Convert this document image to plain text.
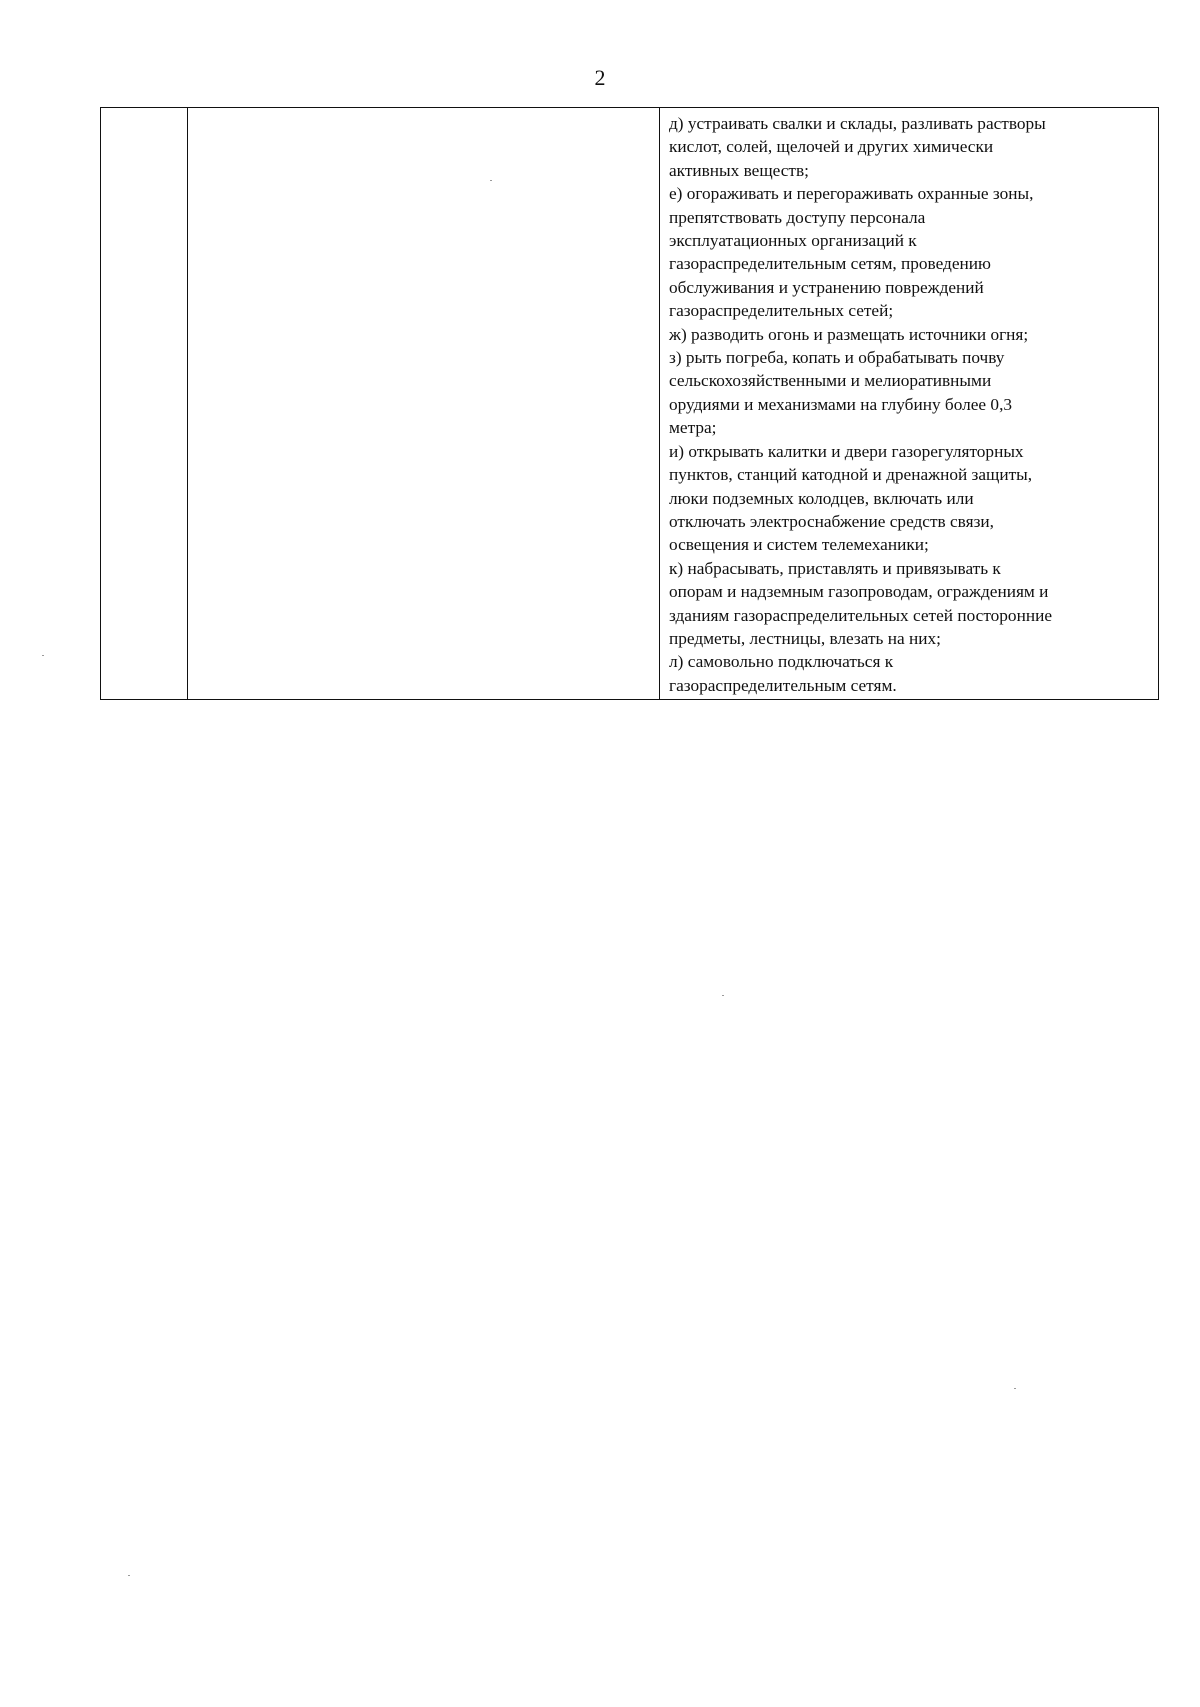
2

д) устраивать свалки и склады, разливать растворы
кислот, солей, щелочей и других химически
активных веществ;

е) огораживать и перегораживать охранные зоны,
препятствовать доступу персонала
эксплуатационных организаций к
газораспределительным сетям, проведению
обслуживания и устранению повреждений
газораспределительных сетей;

ж) разводить огонь и размещать источники огня;

з) рыть погреба, копать и обрабатывать почву
сельскохозяйственными и мелиоративными
орудиями и механизмами на глубину более 0,3
метра;

и) открывать калитки и двери газорегуляторных
пунктов, станций катодной и дренажной защиты,
люки подземных колодцев, включать или
отключать электроснабжение средств связи,
освещения и систем телемеханики;

к) набрасывать, приставлять и привязывать к
опорам и надземным газопроводам, ограждениям и
зданиям газораспределительных сетей посторонние
предметы, лестницы, влезать на них;

л) самовольно подключаться к
газораспределительным сетям.
